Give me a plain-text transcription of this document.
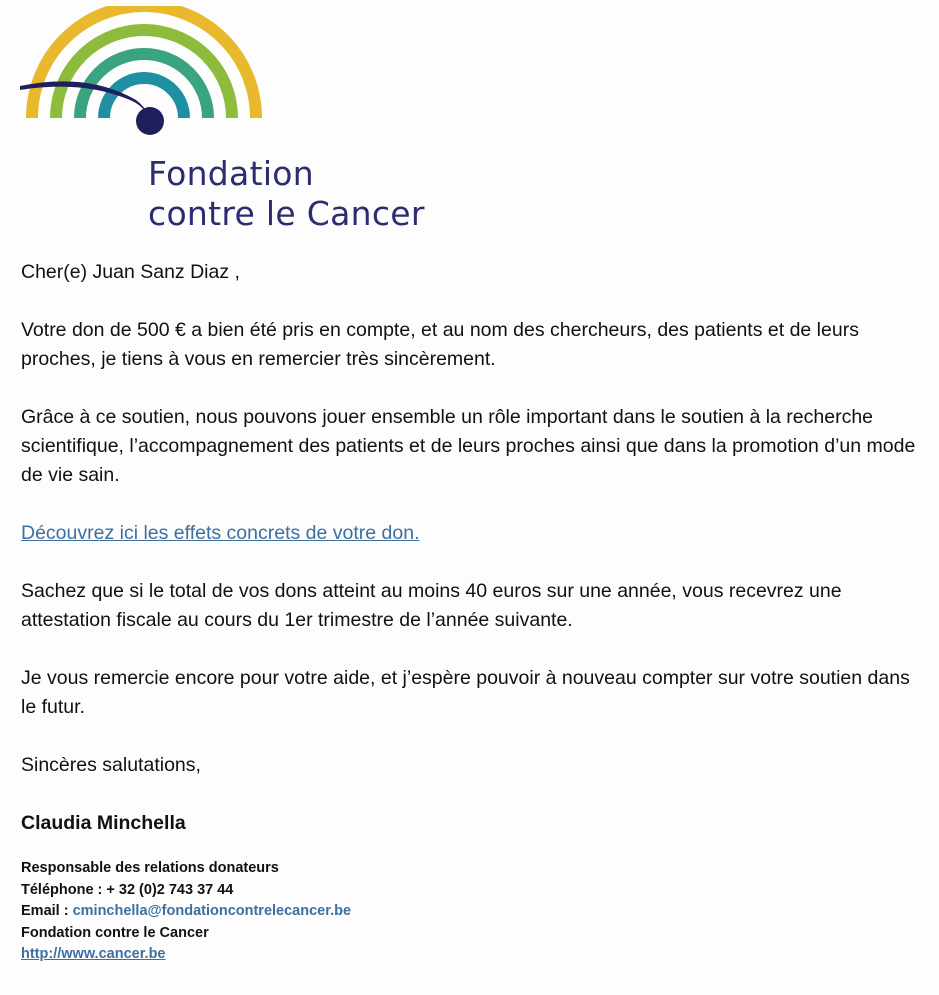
Fondation
contre le Cancer

Cher(e) Juan Sanz Diaz ,

Votre don de 500 € a bien été pris en compte, et au nom des chercheurs, des patients et de leurs proches, je tiens à vous en remercier très sincèrement.

Grâce à ce soutien, nous pouvons jouer ensemble un rôle important dans le soutien à la recherche scientifique, l’accompagnement des patients et de leurs proches ainsi que dans la promotion d’un mode de vie sain.

Découvrez ici les effets concrets de votre don.

Sachez que si le total de vos dons atteint au moins 40 euros sur une année, vous recevrez une attestation fiscale au cours du 1er trimestre de l’année suivante.

Je vous remercie encore pour votre aide, et j’espère pouvoir à nouveau compter sur votre soutien dans le futur.

Sincères salutations,

Claudia Minchella

Responsable des relations donateurs
Téléphone : + 32 (0)2 743 37 44
Email : cminchella@fondationcontrelecancer.be
Fondation contre le Cancer
http://www.cancer.be
